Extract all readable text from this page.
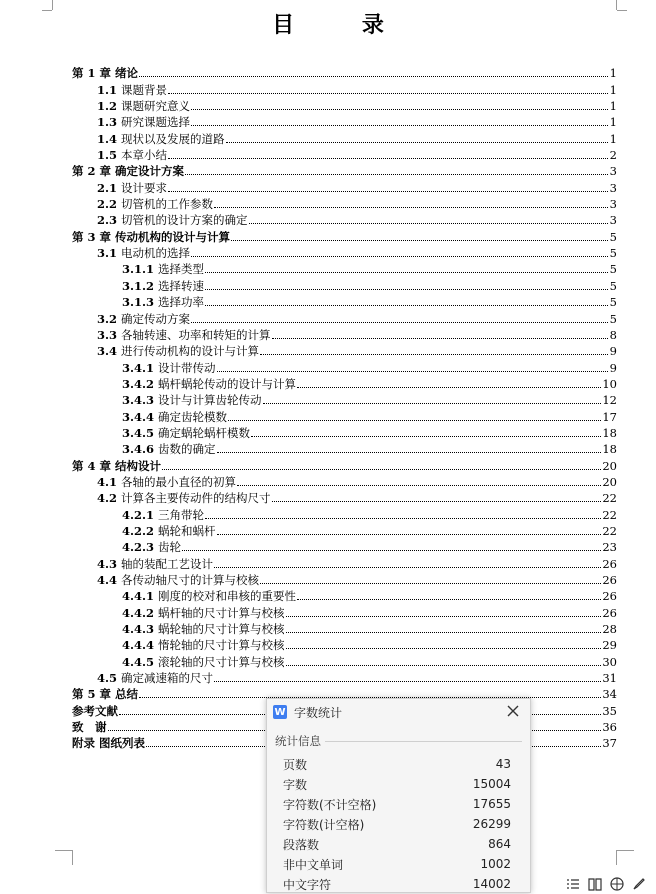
目 录
第 1 章 绪论	1
1.1 课题背景	1
1.2 课题研究意义	1
1.3 研究课题选择	1
1.4 现状以及发展的道路	1
1.5 本章小结	2
第 2 章 确定设计方案	3
2.1 设计要求	3
2.2 切管机的工作参数	3
2.3 切管机的设计方案的确定	3
第 3 章 传动机构的设计与计算	5
3.1 电动机的选择	5
3.1.1 选择类型	5
3.1.2 选择转速	5
3.1.3 选择功率	5
3.2 确定传动方案	5
3.3 各轴转速、功率和转矩的计算	8
3.4 进行传动机构的设计与计算	9
3.4.1 设计带传动	9
3.4.2 蜗杆蜗轮传动的设计与计算	10
3.4.3 设计与计算齿轮传动	12
3.4.4 确定齿轮模数	17
3.4.5 确定蜗轮蜗杆模数	18
3.4.6 齿数的确定	18
第 4 章 结构设计	20
4.1 各轴的最小直径的初算	20
4.2 计算各主要传动件的结构尺寸	22
4.2.1 三角带轮	22
4.2.2 蜗轮和蜗杆	22
4.2.3 齿轮	23
4.3 轴的装配工艺设计	26
4.4 各传动轴尺寸的计算与校核	26
4.4.1 刚度的校对和串核的重要性	26
4.4.2 蜗杆轴的尺寸计算与校核	26
4.4.3 蜗轮轴的尺寸计算与校核	28
4.4.4 惰轮轴的尺寸计算与校核	29
4.4.5 滚轮轴的尺寸计算与校核	30
4.5 确定减速箱的尺寸	31
第 5 章 总结	34
参考文献	35
致　谢	36
附录 图纸列表	37
W 字数统计
统计信息
页数	43
字数	15004
字符数(不计空格)	17655
字符数(计空格)	26299
段落数	864
非中文单词	1002
中文字符	14002
